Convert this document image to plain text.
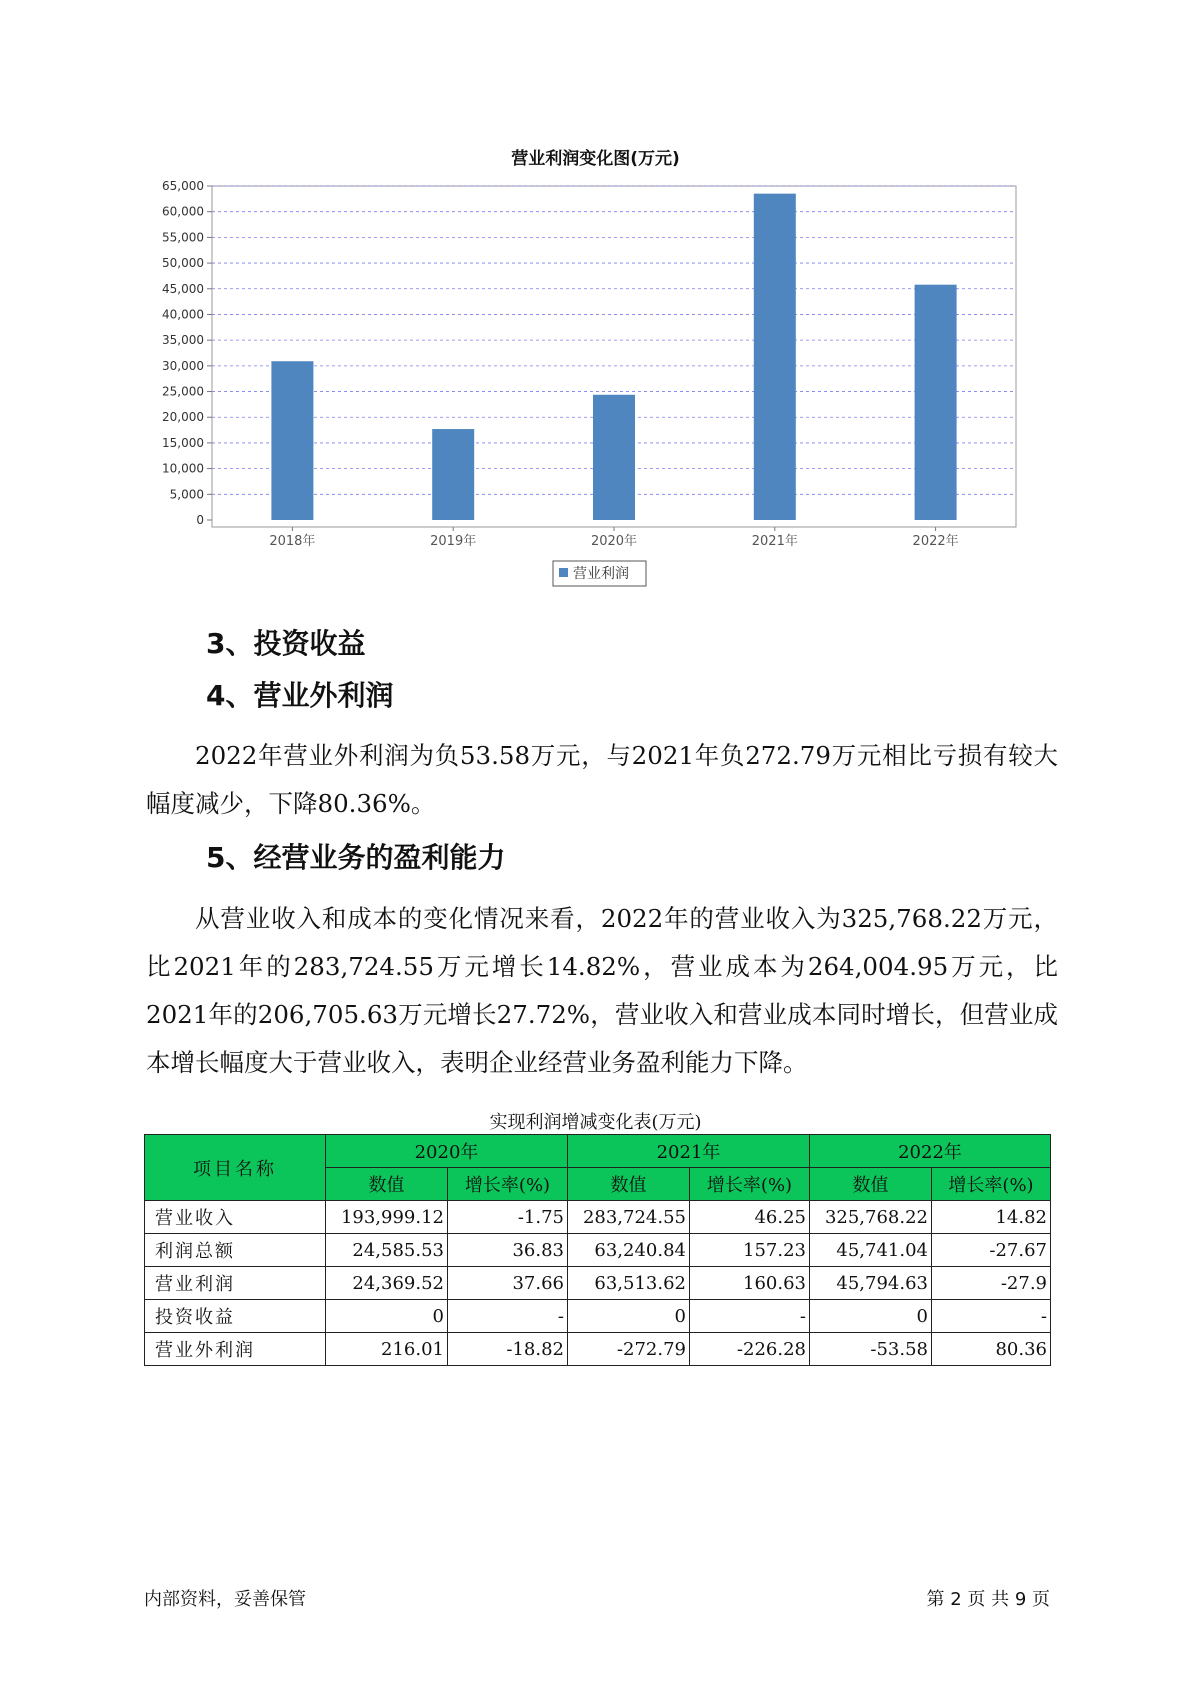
营业利润变化图(万元)
0
5,000
10,000
15,000
20,000
25,000
30,000
35,000
40,000
45,000
50,000
55,000
60,000
65,000
2018年	2019年	2020年	2021年	2022年
营业利润
3、投资收益
4、营业外利润

2022年营业外利润为负53.58万元，与2021年负272.79万元相比亏损有较大幅度减少，下降80.36%。

5、经营业务的盈利能力

从营业收入和成本的变化情况来看，2022年的营业收入为325,768.22万元，比2021年的283,724.55万元增长14.82%，营业成本为264,004.95万元，比2021年的206,705.63万元增长27.72%，营业收入和营业成本同时增长，但营业成本增长幅度大于营业收入，表明企业经营业务盈利能力下降。

实现利润增减变化表(万元)
项目名称	2020年		2021年		2022年	
	数值	增长率(%)	数值	增长率(%)	数值	增长率(%)
营业收入	193,999.12	-1.75	283,724.55	46.25	325,768.22	14.82
利润总额	24,585.53	36.83	63,240.84	157.23	45,741.04	-27.67
营业利润	24,369.52	37.66	63,513.62	160.63	45,794.63	-27.9
投资收益	0	-	0	-	0	-
营业外利润	216.01	-18.82	-272.79	-226.28	-53.58	80.36
内部资料，妥善保管	第 2 页 共 9 页
